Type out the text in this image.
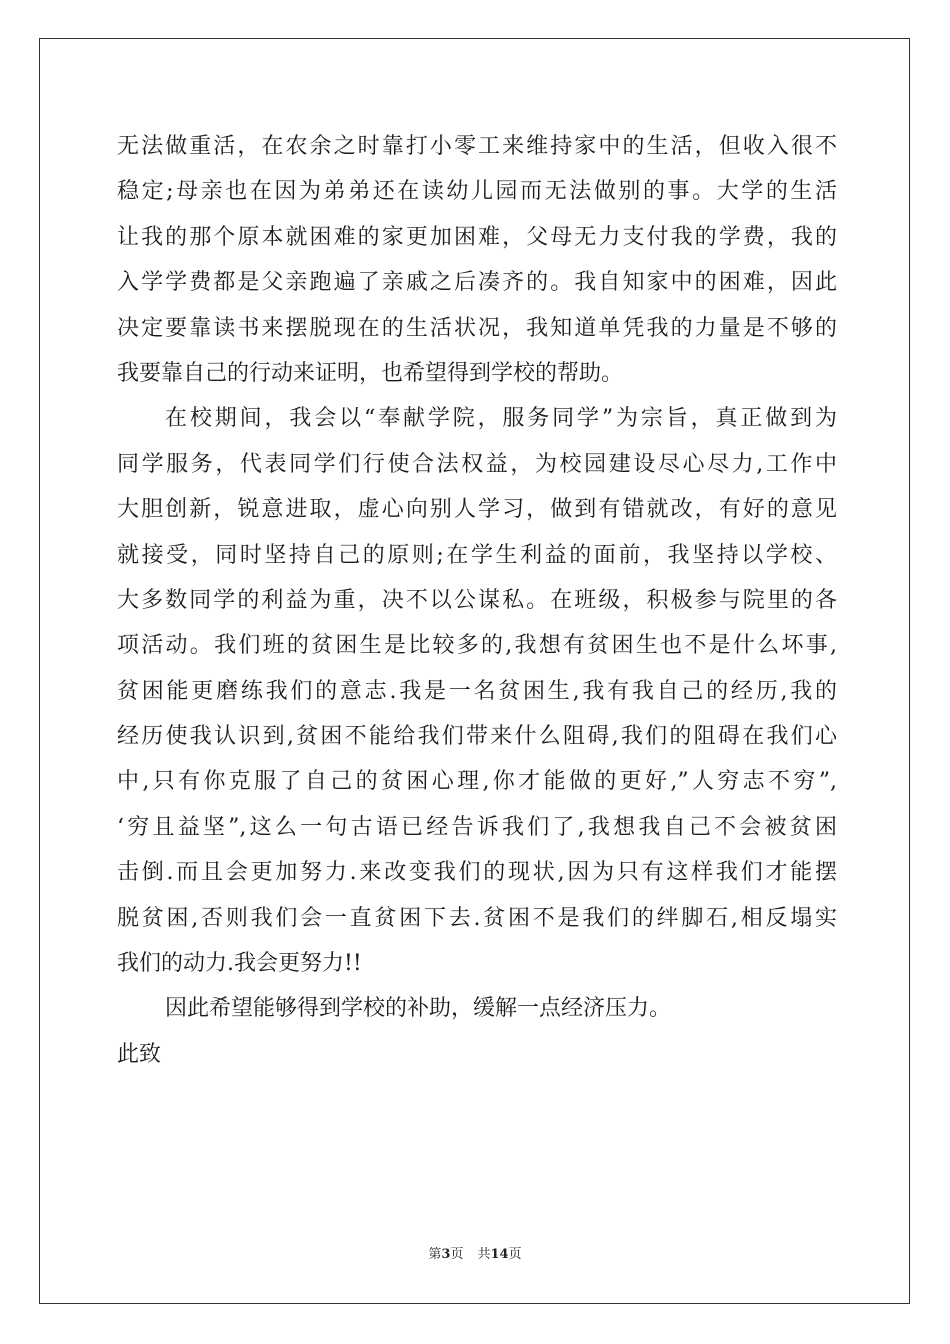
无法做重活，在农余之时靠打小零工来维持家中的生活，但收入很不
稳定;母亲也在因为弟弟还在读幼儿园而无法做别的事。大学的生活
让我的那个原本就困难的家更加困难，父母无力支付我的学费，我的
入学学费都是父亲跑遍了亲戚之后凑齐的。我自知家中的困难，因此
决定要靠读书来摆脱现在的生活状况，我知道单凭我的力量是不够的
我要靠自己的行动来证明，也希望得到学校的帮助。
在校期间，我会以“奉献学院，服务同学”为宗旨，真正做到为
同学服务，代表同学们行使合法权益，为校园建设尽心尽力,工作中
大胆创新，锐意进取，虚心向别人学习，做到有错就改，有好的意见
就接受，同时坚持自己的原则;在学生利益的面前，我坚持以学校、
大多数同学的利益为重，决不以公谋私。在班级，积极参与院里的各
项活动。我们班的贫困生是比较多的,我想有贫困生也不是什么坏事,
贫困能更磨练我们的意志.我是一名贫困生,我有我自己的经历,我的
经历使我认识到,贫困不能给我们带来什么阻碍,我们的阻碍在我们心
中,只有你克服了自己的贫困心理,你才能做的更好,”人穷志不穷”,
‘穷且益坚”,这么一句古语已经告诉我们了,我想我自己不会被贫困
击倒.而且会更加努力.来改变我们的现状,因为只有这样我们才能摆
脱贫困,否则我们会一直贫困下去.贫困不是我们的绊脚石,相反塌实
我们的动力.我会更努力!!
因此希望能够得到学校的补助，缓解一点经济压力。
此致
第3页 共14页
